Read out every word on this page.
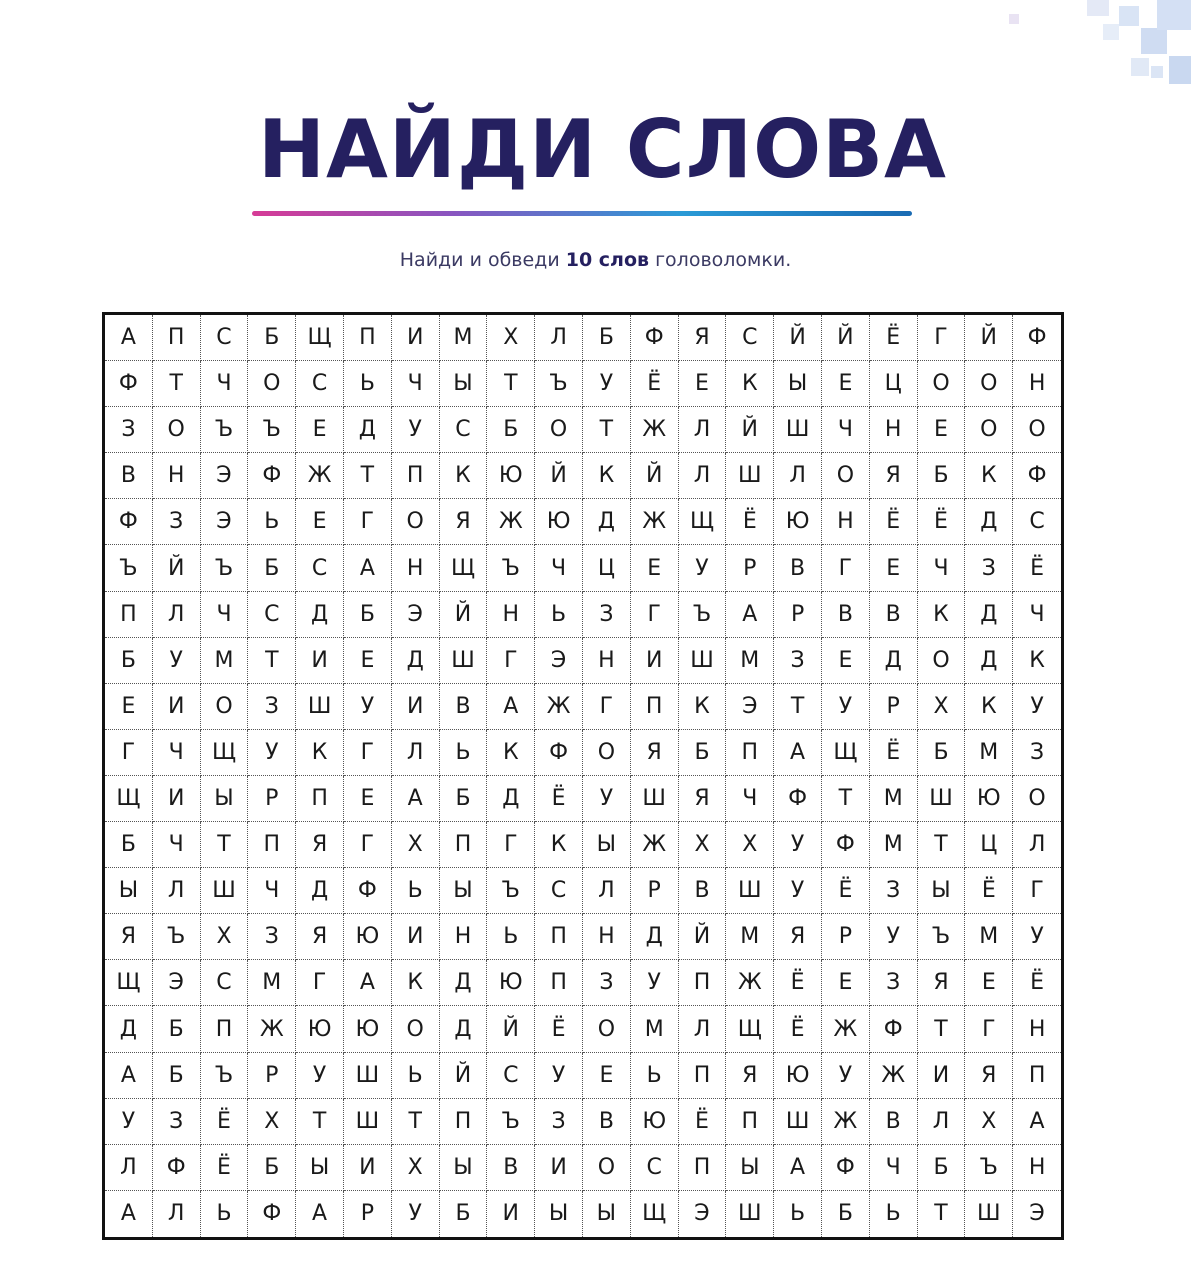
НАЙДИ СЛОВА
Найди и обведи 10 слов головоломки.
А	П	С	Б	Щ	П	И	М	Х	Л	Б	Ф	Я	С	Й	Й	Ё	Г	Й	Ф
Ф	Т	Ч	О	С	Ь	Ч	Ы	Т	Ъ	У	Ё	Е	К	Ы	Е	Ц	О	О	Н
З	О	Ъ	Ъ	Е	Д	У	С	Б	О	Т	Ж	Л	Й	Ш	Ч	Н	Е	О	О
В	Н	Э	Ф	Ж	Т	П	К	Ю	Й	К	Й	Л	Ш	Л	О	Я	Б	К	Ф
Ф	З	Э	Ь	Е	Г	О	Я	Ж	Ю	Д	Ж	Щ	Ё	Ю	Н	Ё	Ё	Д	С
Ъ	Й	Ъ	Б	С	А	Н	Щ	Ъ	Ч	Ц	Е	У	Р	В	Г	Е	Ч	З	Ё
П	Л	Ч	С	Д	Б	Э	Й	Н	Ь	З	Г	Ъ	А	Р	В	В	К	Д	Ч
Б	У	М	Т	И	Е	Д	Ш	Г	Э	Н	И	Ш	М	З	Е	Д	О	Д	К
Е	И	О	З	Ш	У	И	В	А	Ж	Г	П	К	Э	Т	У	Р	Х	К	У
Г	Ч	Щ	У	К	Г	Л	Ь	К	Ф	О	Я	Б	П	А	Щ	Ё	Б	М	З
Щ	И	Ы	Р	П	Е	А	Б	Д	Ё	У	Ш	Я	Ч	Ф	Т	М	Ш	Ю	О
Б	Ч	Т	П	Я	Г	Х	П	Г	К	Ы	Ж	Х	Х	У	Ф	М	Т	Ц	Л
Ы	Л	Ш	Ч	Д	Ф	Ь	Ы	Ъ	С	Л	Р	В	Ш	У	Ё	З	Ы	Ё	Г
Я	Ъ	Х	З	Я	Ю	И	Н	Ь	П	Н	Д	Й	М	Я	Р	У	Ъ	М	У
Щ	Э	С	М	Г	А	К	Д	Ю	П	З	У	П	Ж	Ё	Е	З	Я	Е	Ё
Д	Б	П	Ж	Ю	Ю	О	Д	Й	Ё	О	М	Л	Щ	Ё	Ж	Ф	Т	Г	Н
А	Б	Ъ	Р	У	Ш	Ь	Й	С	У	Е	Ь	П	Я	Ю	У	Ж	И	Я	П
У	З	Ё	Х	Т	Ш	Т	П	Ъ	З	В	Ю	Ё	П	Ш	Ж	В	Л	Х	А
Л	Ф	Ё	Б	Ы	И	Х	Ы	В	И	О	С	П	Ы	А	Ф	Ч	Б	Ъ	Н
А	Л	Ь	Ф	А	Р	У	Б	И	Ы	Ы	Щ	Э	Ш	Ь	Б	Ь	Т	Ш	Э
